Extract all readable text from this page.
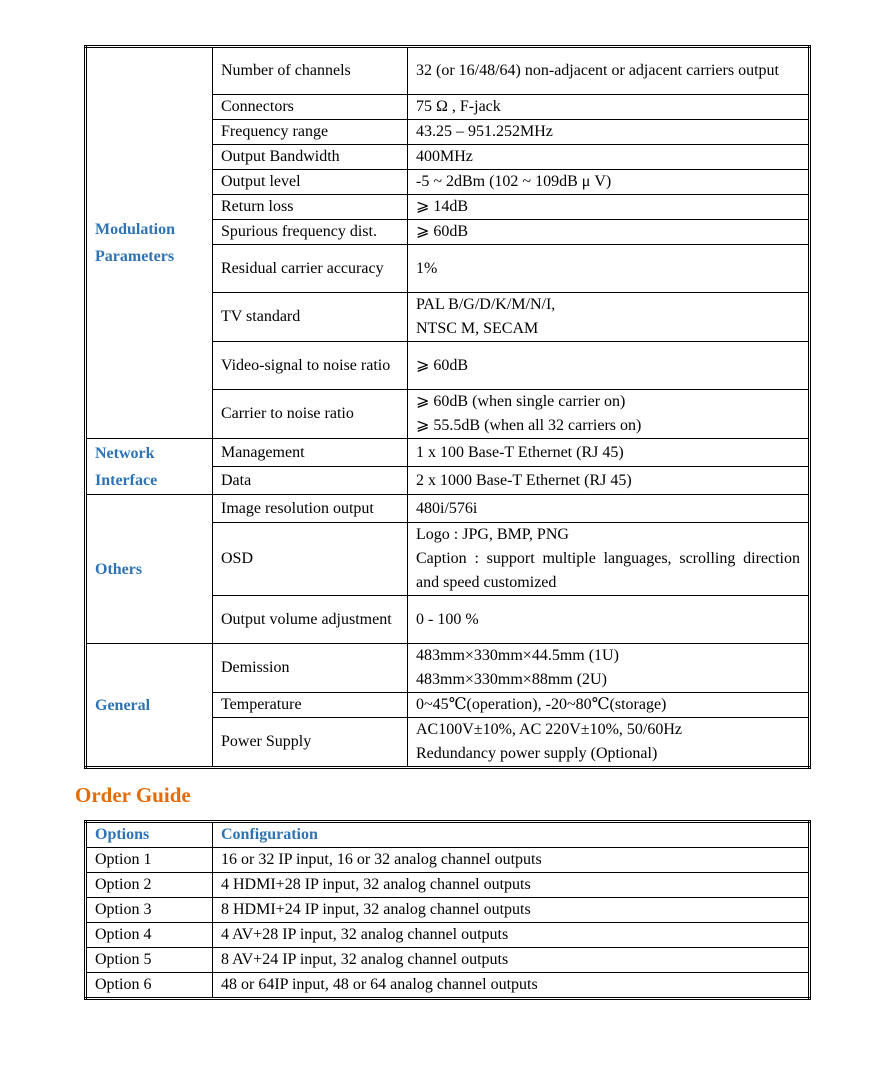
Modulation
Parameters	Number of channels	32 (or 16/48/64) non-adjacent or adjacent carriers output

	Connectors	75 Ω , F-jack

	Frequency range	43.25 – 951.252MHz

	Output Bandwidth	400MHz

	Output level	-5 ~ 2dBm (102 ~ 109dB μ V)

	Return loss	⩾ 14dB

	Spurious frequency dist.	⩾ 60dB

	Residual carrier accuracy	1%

	TV standard	PAL B/G/D/K/M/N/I,
NTSC M, SECAM

	Video-signal to noise ratio	⩾ 60dB

	Carrier to noise ratio	⩾ 60dB (when single carrier on)
⩾ 55.5dB (when all 32 carriers on)

Network
Interface	Management	1 x 100 Base-T Ethernet (RJ 45)

	Data	2 x 1000 Base-T Ethernet (RJ 45)

Others	Image resolution output	480i/576i

	OSD	Logo : JPG, BMP, PNG
Caption : support multiple languages, scrolling direction and speed customized

	Output volume adjustment	0 - 100 %

General	Demission	483mm×330mm×44.5mm (1U)
483mm×330mm×88mm (2U)

	Temperature	0~45℃(operation), -20~80℃(storage)

	Power Supply	AC100V±10%, AC 220V±10%, 50/60Hz
Redundancy power supply (Optional)
Order Guide
Options	Configuration
Option 1	16 or 32 IP input, 16 or 32 analog channel outputs
Option 2	4 HDMI+28 IP input, 32 analog channel outputs
Option 3	8 HDMI+24 IP input, 32 analog channel outputs
Option 4	4 AV+28 IP input, 32 analog channel outputs
Option 5	8 AV+24 IP input, 32 analog channel outputs
Option 6	48 or 64IP input, 48 or 64 analog channel outputs
